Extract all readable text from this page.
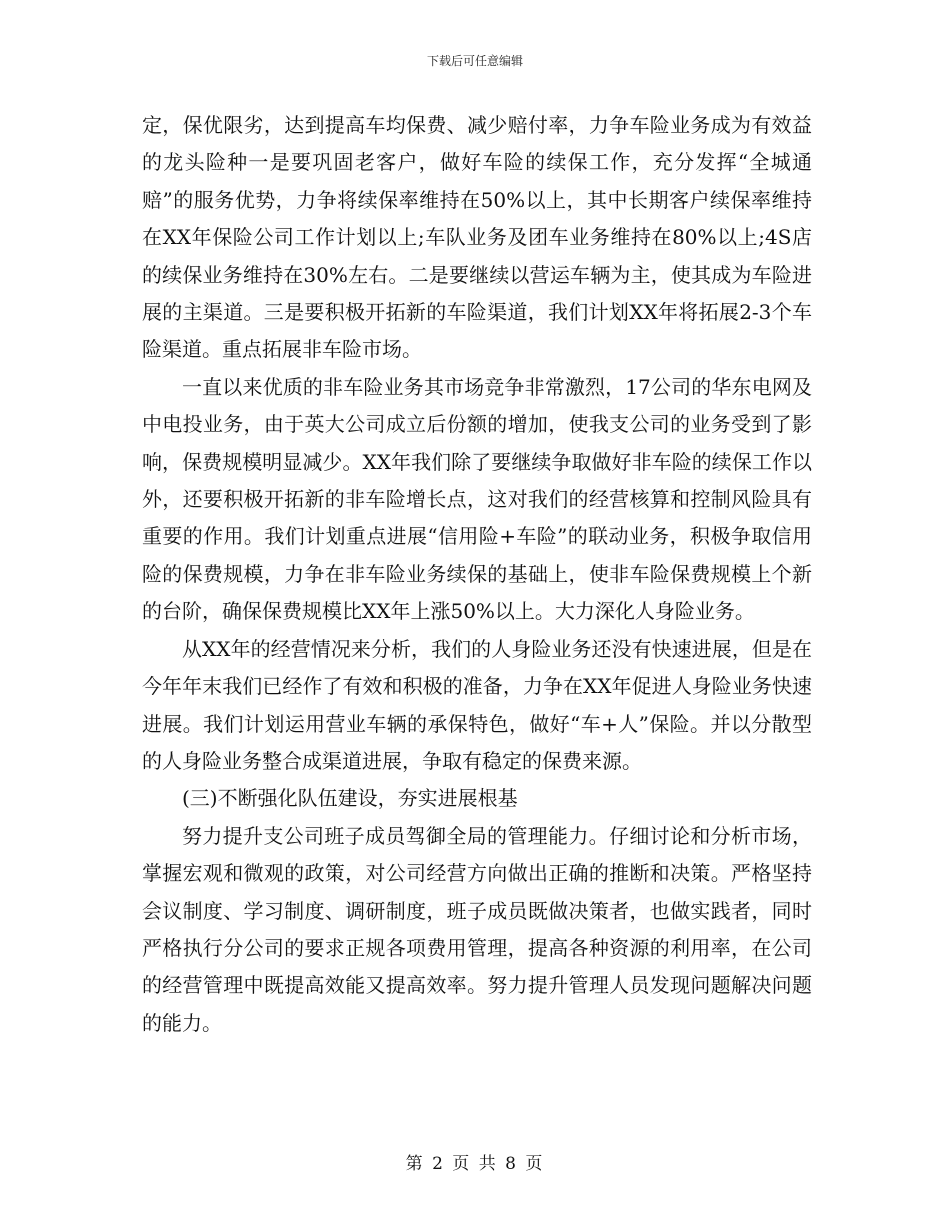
下载后可任意编辑

定，保优限劣，达到提高车均保费、减少赔付率，力争车险业务成为有效益的龙头险种一是要巩固老客户，做好车险的续保工作，充分发挥“全城通赔”的服务优势，力争将续保率维持在50%以上，其中长期客户续保率维持在XX年保险公司工作计划以上;车队业务及团车业务维持在80%以上;4S店的续保业务维持在30%左右。二是要继续以营运车辆为主，使其成为车险进展的主渠道。三是要积极开拓新的车险渠道，我们计划XX年将拓展2-3个车险渠道。重点拓展非车险市场。

一直以来优质的非车险业务其市场竞争非常激烈，17公司的华东电网及中电投业务，由于英大公司成立后份额的增加，使我支公司的业务受到了影响，保费规模明显减少。XX年我们除了要继续争取做好非车险的续保工作以外，还要积极开拓新的非车险增长点，这对我们的经营核算和控制风险具有重要的作用。我们计划重点进展“信用险+车险”的联动业务，积极争取信用险的保费规模，力争在非车险业务续保的基础上，使非车险保费规模上个新的台阶，确保保费规模比XX年上涨50%以上。大力深化人身险业务。

从XX年的经营情况来分析，我们的人身险业务还没有快速进展，但是在今年年末我们已经作了有效和积极的准备，力争在XX年促进人身险业务快速进展。我们计划运用营业车辆的承保特色，做好“车+人”保险。并以分散型的人身险业务整合成渠道进展，争取有稳定的保费来源。

(三)不断强化队伍建设，夯实进展根基

努力提升支公司班子成员驾御全局的管理能力。仔细讨论和分析市场，掌握宏观和微观的政策，对公司经营方向做出正确的推断和决策。严格坚持会议制度、学习制度、调研制度，班子成员既做决策者，也做实践者，同时严格执行分公司的要求正规各项费用管理，提高各种资源的利用率，在公司的经营管理中既提高效能又提高效率。努力提升管理人员发现问题解决问题的能力。

第 2 页 共 8 页
